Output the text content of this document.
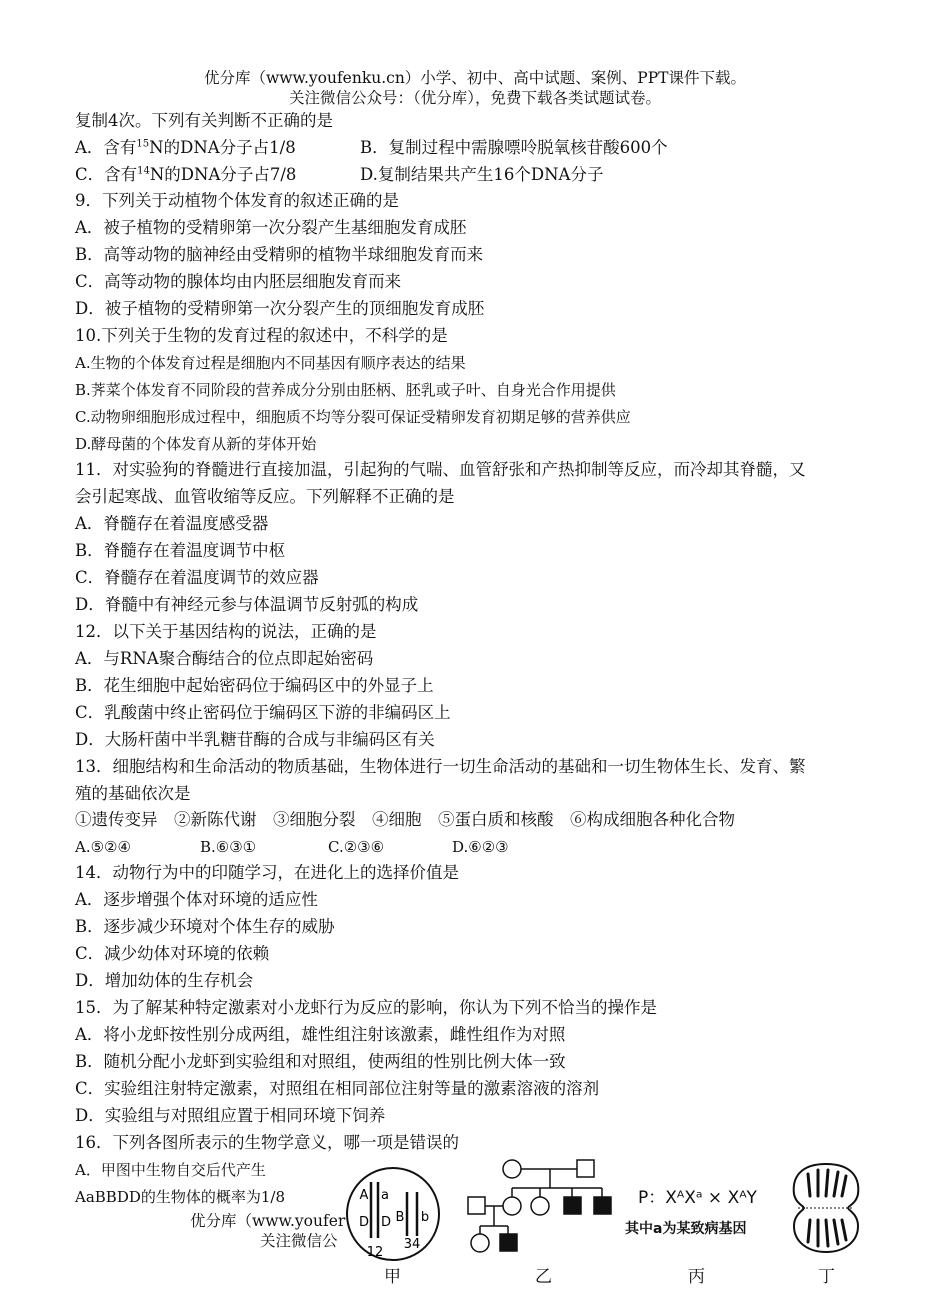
优分库（www.youfenku.cn）小学、初中、高中试题、案例、PPT课件下载。
关注微信公众号：（优分库），免费下载各类试题试卷。
复制4次。下列有关判断不正确的是
A．含有$^{15}$N的DNA分子占1/8	B．复制过程中需腺嘌呤脱氧核苷酸600个
C．含有$^{14}$N的DNA分子占7/8	D.复制结果共产生16个DNA分子
9．下列关于动植物个体发育的叙述正确的是
A．被子植物的受精卵第一次分裂产生基细胞发育成胚
B．高等动物的脑神经由受精卵的植物半球细胞发育而来
C．高等动物的腺体均由内胚层细胞发育而来
D．被子植物的受精卵第一次分裂产生的顶细胞发育成胚
10.下列关于生物的发育过程的叙述中，不科学的是
A.生物的个体发育过程是细胞内不同基因有顺序表达的结果
B.荠菜个体发育不同阶段的营养成分分别由胚柄、胚乳或子叶、自身光合作用提供
C.动物卵细胞形成过程中，细胞质不均等分裂可保证受精卵发育初期足够的营养供应
D.酵母菌的个体发育从新的芽体开始
11．对实验狗的脊髓进行直接加温，引起狗的气喘、血管舒张和产热抑制等反应，而冷却其脊髓，又
会引起寒战、血管收缩等反应。下列解释不正确的是
A．脊髓存在着温度感受器
B．脊髓存在着温度调节中枢
C．脊髓存在着温度调节的效应器
D．脊髓中有神经元参与体温调节反射弧的构成
12．以下关于基因结构的说法，正确的是
A．与RNA聚合酶结合的位点即起始密码
B．花生细胞中起始密码位于编码区中的外显子上
C．乳酸菌中终止密码位于编码区下游的非编码区上
D．大肠杆菌中半乳糖苷酶的合成与非编码区有关
13．细胞结构和生命活动的物质基础，生物体进行一切生命活动的基础和一切生物体生长、发育、繁
殖的基础依次是
①遗传变异　②新陈代谢　③细胞分裂　④细胞　⑤蛋白质和核酸　⑥构成细胞各种化合物
A.⑤②④	B.⑥③①	C.②③⑥	D.⑥②③
14．动物行为中的印随学习，在进化上的选择价值是
A．逐步增强个体对环境的适应性
B．逐步减少环境对个体生存的威胁
C．减少幼体对环境的依赖
D．增加幼体的生存机会
15．为了解某种特定激素对小龙虾行为反应的影响，你认为下列不恰当的操作是
A．将小龙虾按性别分成两组，雄性组注射该激素，雌性组作为对照
B．随机分配小龙虾到实验组和对照组，使两组的性别比例大体一致
C．实验组注射特定激素，对照组在相同部位注射等量的激素溶液的溶剂
D．实验组与对照组应置于相同环境下饲养
16．下列各图所表示的生物学意义，哪一项是错误的
A．甲图中生物自交后代产生
AaBBDD的生物体的概率为1/8
优分库（www.youfer
关注微信公
A a
D D B b
12
34
P：XᴬXᵃ × XᴬY
其中a为某致病基因
甲	乙	丙	丁
